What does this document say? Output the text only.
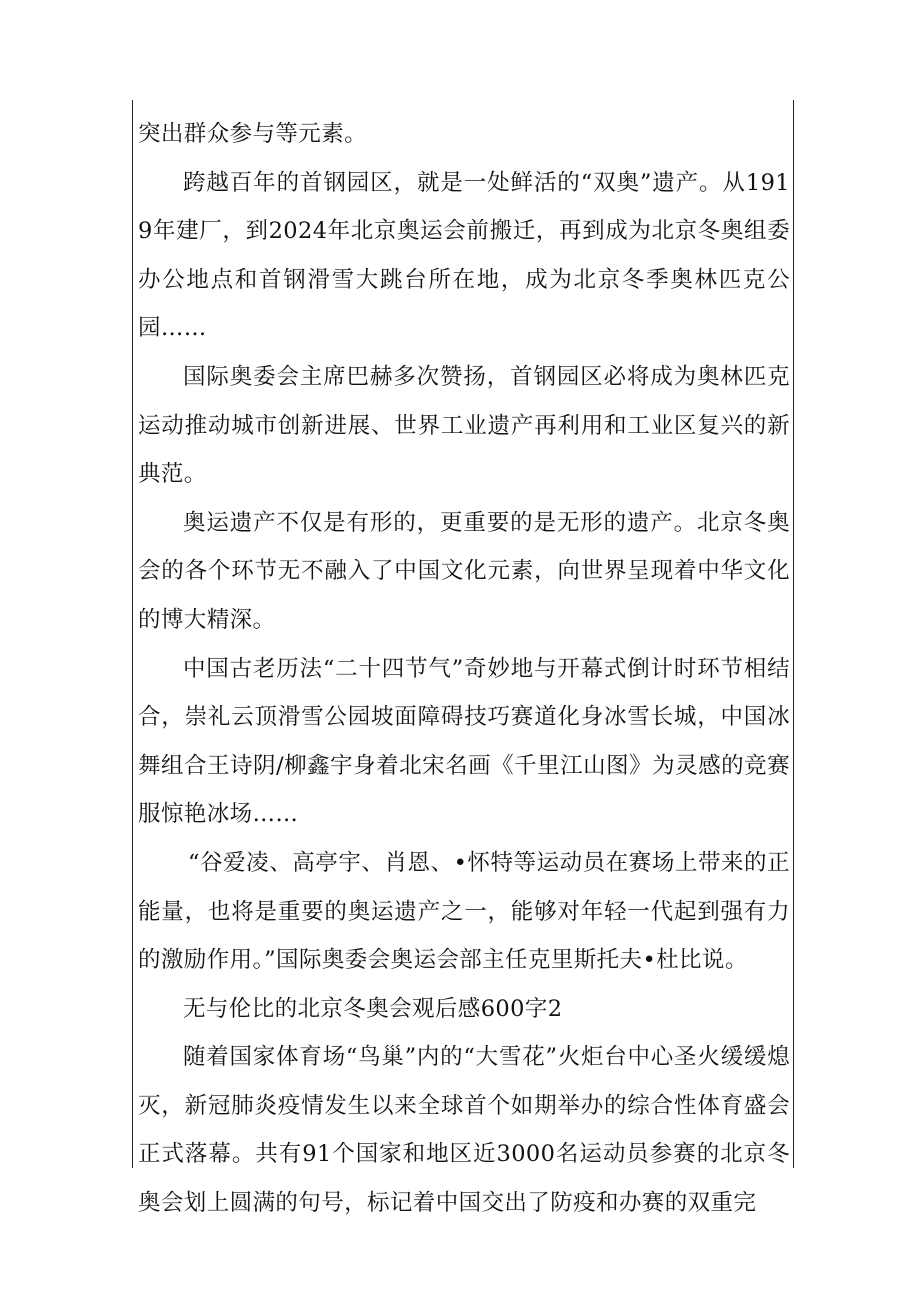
突出群众参与等元素。

跨越百年的首钢园区，就是一处鲜活的“双奥”遗产。从1919年建厂，到2024年北京奥运会前搬迁，再到成为北京冬奥组委办公地点和首钢滑雪大跳台所在地，成为北京冬季奥林匹克公园……

国际奥委会主席巴赫多次赞扬，首钢园区必将成为奥林匹克运动推动城市创新进展、世界工业遗产再利用和工业区复兴的新典范。

奥运遗产不仅是有形的，更重要的是无形的遗产。北京冬奥会的各个环节无不融入了中国文化元素，向世界呈现着中华文化的博大精深。

中国古老历法“二十四节气”奇妙地与开幕式倒计时环节相结合，崇礼云顶滑雪公园坡面障碍技巧赛道化身冰雪长城，中国冰舞组合王诗阴/柳鑫宇身着北宋名画《千里江山图》为灵感的竞赛服惊艳冰场……

“谷爱凌、高亭宇、肖恩、•怀特等运动员在赛场上带来的正能量，也将是重要的奥运遗产之一，能够对年轻一代起到强有力的激励作用。”国际奥委会奥运会部主任克里斯托夫•杜比说。

无与伦比的北京冬奥会观后感600字2

随着国家体育场“鸟巢”内的“大雪花”火炬台中心圣火缓缓熄灭，新冠肺炎疫情发生以来全球首个如期举办的综合性体育盛会正式落幕。共有91个国家和地区近3000名运动员参赛的北京冬奥会划上圆满的句号，标记着中国交出了防疫和办赛的双重完
